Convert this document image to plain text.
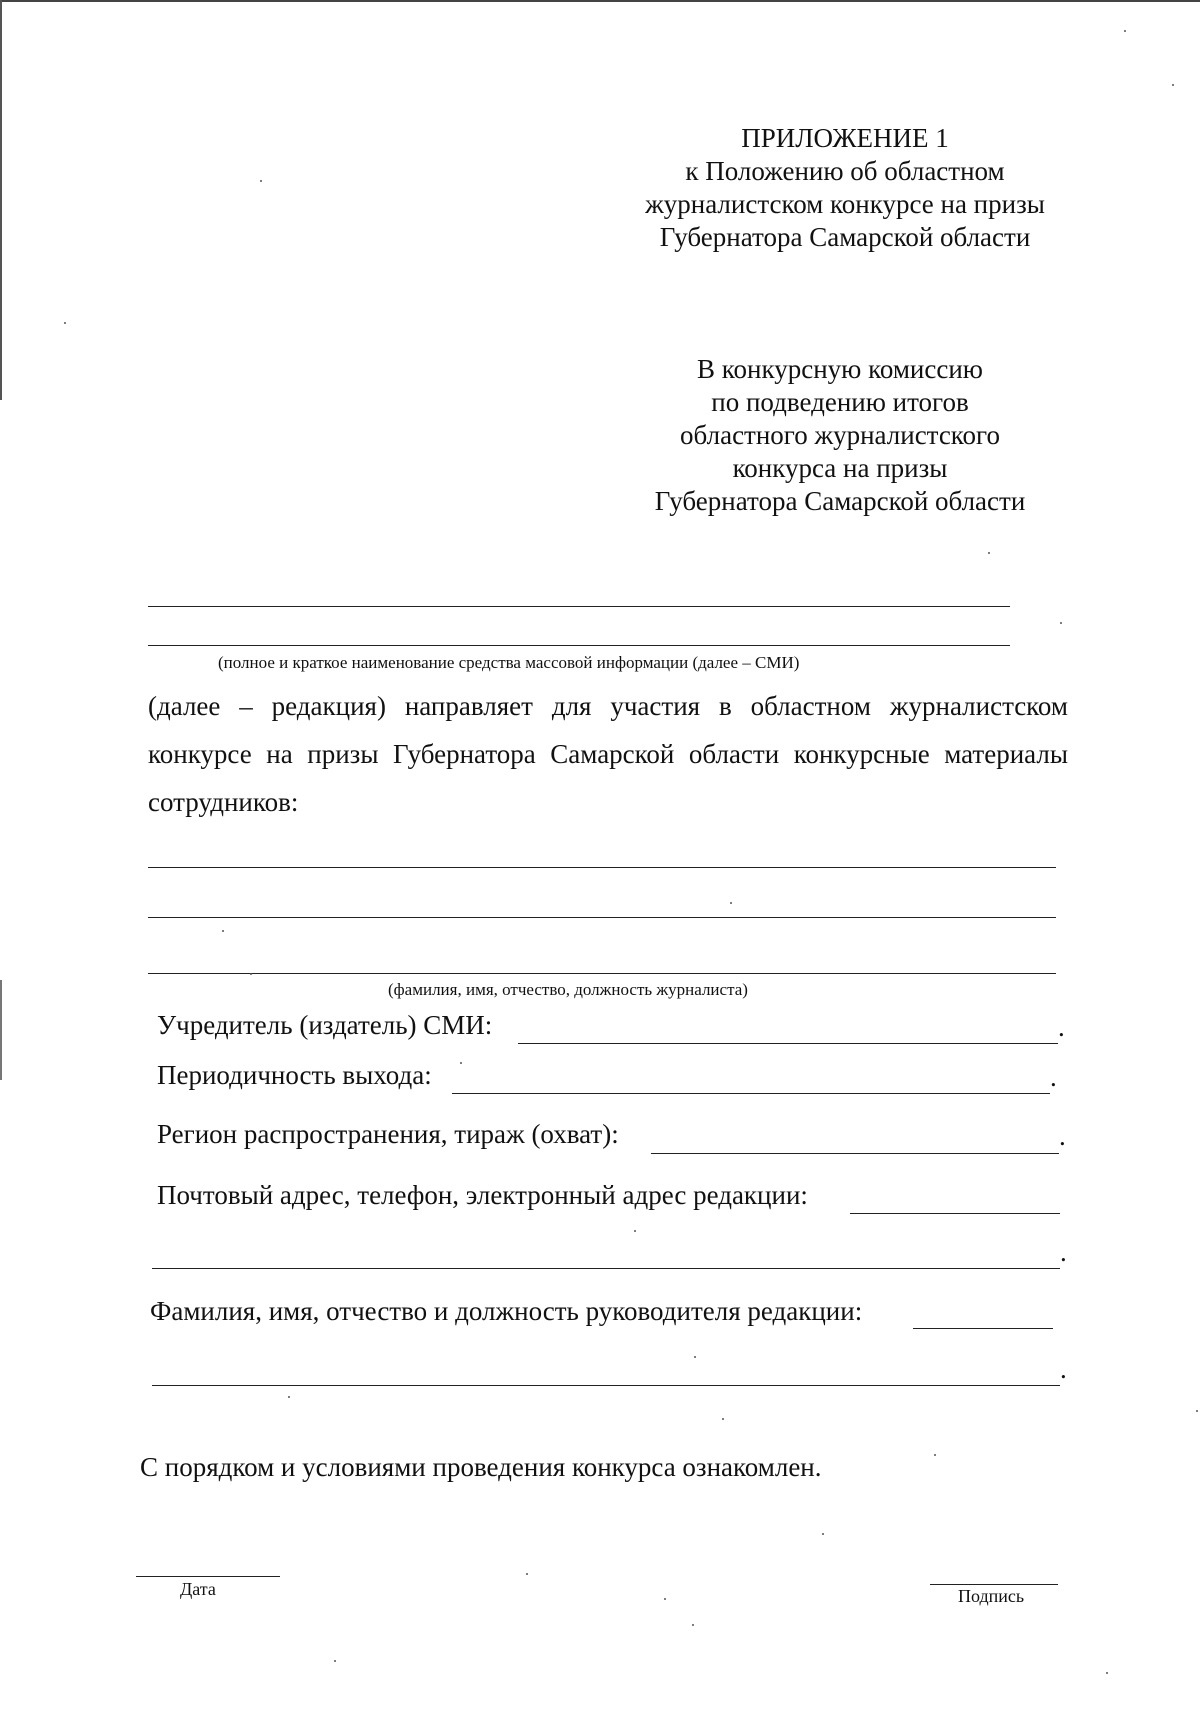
ПРИЛОЖЕНИЕ 1
к Положению об областном
журналистском конкурсе на призы
Губернатора Самарской области
В конкурсную комиссию
по подведению итогов
областного журналистского
конкурса на призы
Губернатора Самарской области
(полное и краткое наименование средства массовой информации (далее – СМИ)
(далее – редакция) направляет для участия в областном журналистском конкурсе на призы Губернатора Самарской области конкурсные материалы сотрудников:
(фамилия, имя, отчество, должность журналиста)
Учредитель (издатель) СМИ:	.
Периодичность выхода:	.
Регион распространения, тираж (охват):	.
Почтовый адрес, телефон, электронный адрес редакции:
.
Фамилия, имя, отчество и должность руководителя редакции:
.
С порядком и условиями проведения конкурса ознакомлен.
Дата	Подпись
